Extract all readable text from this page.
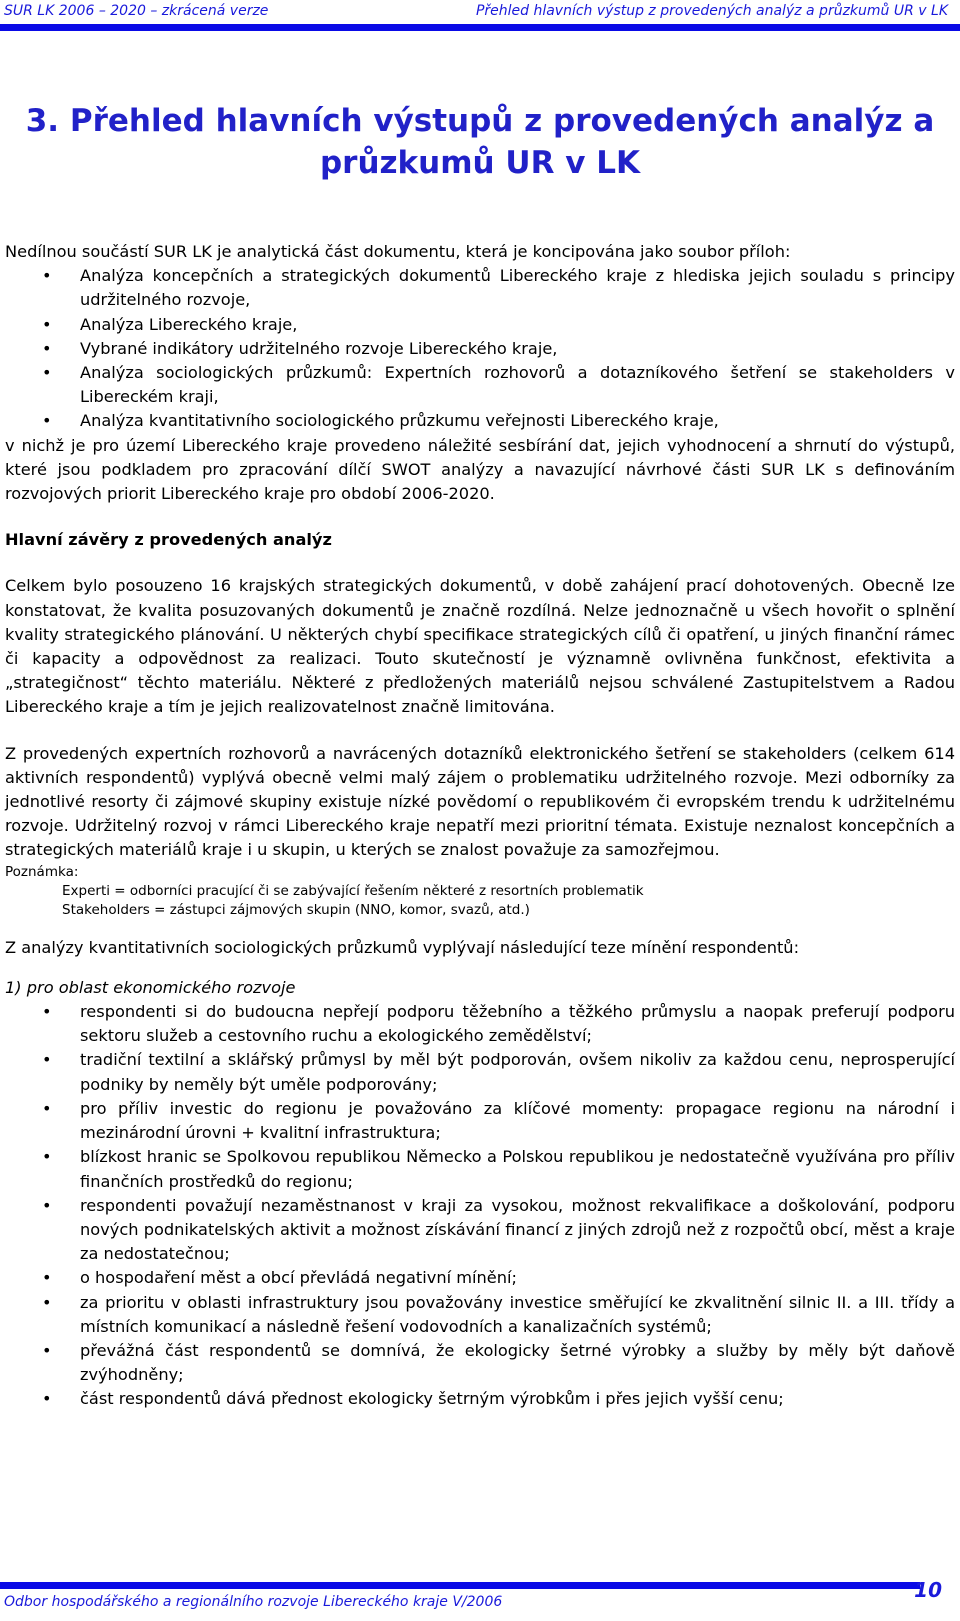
SUR LK 2006 – 2020 – zkrácená verze	Přehled hlavních výstup z provedených analýz a průzkumů UR v LK
3. Přehled hlavních výstupů z provedených analýz a
průzkumů UR v LK

Nedílnou součástí SUR LK je analytická část dokumentu, která je koncipována jako soubor příloh:

• Analýza koncepčních a strategických dokumentů Libereckého kraje z hlediska jejich souladu s principy udržitelného rozvoje,
• Analýza Libereckého kraje,
• Vybrané indikátory udržitelného rozvoje Libereckého kraje,
• Analýza sociologických průzkumů: Expertních rozhovorů a dotazníkového šetření se stakeholders v Libereckém kraji,
• Analýza kvantitativního sociologického průzkumu veřejnosti Libereckého kraje,

v nichž je pro území Libereckého kraje provedeno náležité sesbírání dat, jejich vyhodnocení a shrnutí do výstupů, které jsou podkladem pro zpracování dílčí SWOT analýzy a navazující návrhové části SUR LK s definováním rozvojových priorit Libereckého kraje pro období 2006-2020.

Hlavní závěry z provedených analýz

Celkem bylo posouzeno 16 krajských strategických dokumentů, v době zahájení prací dohotovených. Obecně lze konstatovat, že kvalita posuzovaných dokumentů je značně rozdílná. Nelze jednoznačně u všech hovořit o splnění kvality strategického plánování. U některých chybí specifikace strategických cílů či opatření, u jiných finanční rámec či kapacity a odpovědnost za realizaci. Touto skutečností je významně ovlivněna funkčnost, efektivita a „strategičnost“ těchto materiálu. Některé z předložených materiálů nejsou schválené Zastupitelstvem a Radou Libereckého kraje a tím je jejich realizovatelnost značně limitována.

Z provedených expertních rozhovorů a navrácených dotazníků elektronického šetření se stakeholders (celkem 614 aktivních respondentů) vyplývá obecně velmi malý zájem o problematiku udržitelného rozvoje. Mezi odborníky za jednotlivé resorty či zájmové skupiny existuje nízké povědomí o republikovém či evropském trendu k udržitelnému rozvoje. Udržitelný rozvoj v rámci Libereckého kraje nepatří mezi prioritní témata. Existuje neznalost koncepčních a strategických materiálů kraje i u skupin, u kterých se znalost považuje za samozřejmou.

Poznámka:
Experti = odborníci pracující či se zabývající řešením některé z resortních problematik
Stakeholders = zástupci zájmových skupin (NNO, komor, svazů, atd.)

Z analýzy kvantitativních sociologických průzkumů vyplývají následující teze mínění respondentů:

1) pro oblast ekonomického rozvoje

• respondenti si do budoucna nepřejí podporu těžebního a těžkého průmyslu a naopak preferují podporu sektoru služeb a cestovního ruchu a ekologického zemědělství;
• tradiční textilní a sklářský průmysl by měl být podporován, ovšem nikoliv za každou cenu, neprosperující podniky by neměly být uměle podporovány;
• pro příliv investic do regionu je považováno za klíčové momenty: propagace regionu na národní i mezinárodní úrovni + kvalitní infrastruktura;
• blízkost hranic se Spolkovou republikou Německo a Polskou republikou je nedostatečně využívána pro příliv finančních prostředků do regionu;
• respondenti považují nezaměstnanost v kraji za vysokou, možnost rekvalifikace a doškolování, podporu nových podnikatelských aktivit a možnost získávání financí z jiných zdrojů než z rozpočtů obcí, měst a kraje za nedostatečnou;
• o hospodaření měst a obcí převládá negativní mínění;
• za prioritu v oblasti infrastruktury jsou považovány investice směřující ke zkvalitnění silnic II. a III. třídy a místních komunikací a následně řešení vodovodních a kanalizačních systémů;
• převážná část respondentů se domnívá, že ekologicky šetrné výrobky a služby by měly být daňově zvýhodněny;
• část respondentů dává přednost ekologicky šetrným výrobkům i přes jejich vyšší cenu;
Odbor hospodářského a regionálního rozvoje Libereckého kraje V/2006	10
